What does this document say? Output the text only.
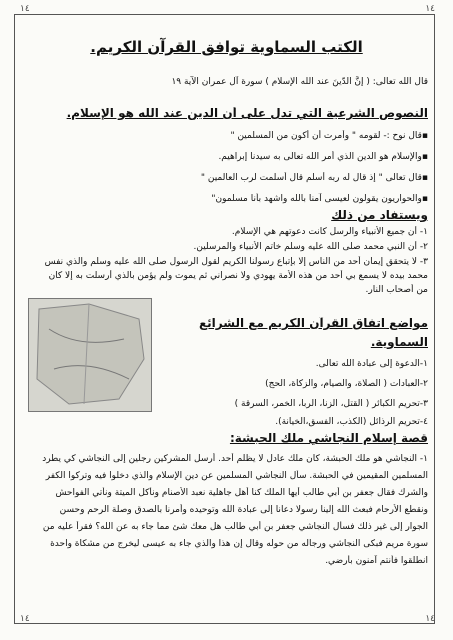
١٤	١٤
١٤	١٤
الكتب السماوية توافق القرآن الكريم.
قال الله تعالى: ( إنَّ الدّينَ عند الله الإسلام ) سورة آل عمران الآية ١٩
النصوص الشرعية التي تدل على أن الدين عند الله هو الإسلام.
▪قال نوح :- لقومه " وأمرت أن أكون من المسلمين "
▪والإسلام هو الدين الذي أمر الله تعالى به سيدنا إبراهيم.
▪قال تعالى " إذ قال له ربه أسلم قال أسلمت لرب العالمين "
▪والحواريون يقولون لعيسى آمنا بالله واشهد بأنا مسلمون"
ويستفاد من ذلك
١- أن جميع الأنبياء والرسل كانت دعوتهم هي الإسلام.
٢- أن النبي محمد صلى الله عليه وسلم خاتم الأنبياء والمرسلين.
٣- لا يتحقق إيمان أحد من الناس إلا بإتباع رسولنا الكريم لقول الرسول صلى الله عليه وسلم والذي نفس
محمد بيده لا يسمع بي أحد من هذه الأمة يهودي ولا نصراني ثم يموت ولم يؤمن بالذي أرسلت به إلا كان
من أصحاب النار.
مواضع اتفاق القرآن الكريم مع الشرائع
السماوية.
١-الدعوة إلى عبادة الله تعالى.
٢-العبادات ( الصلاة، والصيام، والزكاة، الحج)
٣-تحريم الكبائر ( القتل، الزنا، الربا، الخمر، السرقة )
٤-تحريم الرذائل (الكذب، الفسق،الخيانة).
قصة إسلام النجاشي ملك الحبشة:
١- النجاشي هو ملك الحبشة، كان ملك عادل لا يظلم أحد. أرسل المشركين رجلين إلى النجاشي كي يطرد
المسلمين المقيمين في الحبشة. سأل النجاشي المسلمين عن دين الإسلام والذي دخلوا فيه وتركوا الكفر
والشرك فقال جعفر بن أبي طالب أيها الملك كنا أهل جاهلية نعبد الأصنام ونأكل الميتة ونأتي الفواحش
ونقطع الأرحام فبعث الله إلينا رسولا دعانا إلى عبادة الله وتوحيده وأمرنا بالصدق وصلة الرحم وحسن
الجوار إلى غير ذلك فسأل النجاشي جعفر بن أبي طالب هل معك شئ مما جاء به عن الله؟ فقرأ عليه من
سورة مريم فبكى النجاشي ورجاله من حوله وقال إن هذا والذي جاء به عيسى ليخرج من مشكاة واحدة
انطلقوا فأنتم آمنون بأرضي.
